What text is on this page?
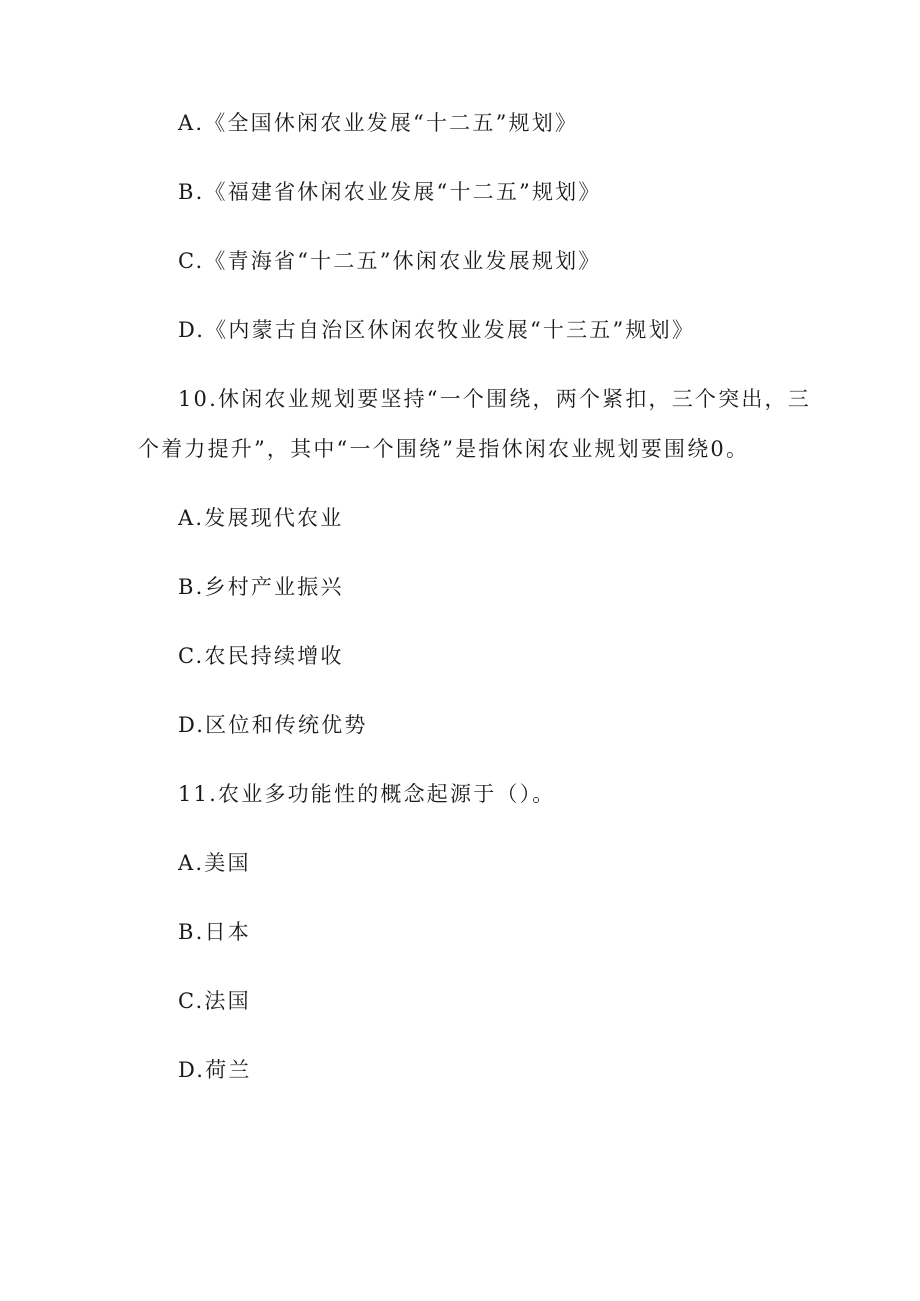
A.《全国休闲农业发展“十二五”规划》
B.《福建省休闲农业发展“十二五”规划》
C.《青海省“十二五”休闲农业发展规划》
D.《内蒙古自治区休闲农牧业发展“十三五”规划》
10.休闲农业规划要坚持“一个围绕，两个紧扣，三个突出，三
个着力提升”，其中“一个围绕”是指休闲农业规划要围绕0。
A.发展现代农业
B.乡村产业振兴
C.农民持续增收
D.区位和传统优势
11.农业多功能性的概念起源于（）。
A.美国
B.日本
C.法国
D.荷兰
